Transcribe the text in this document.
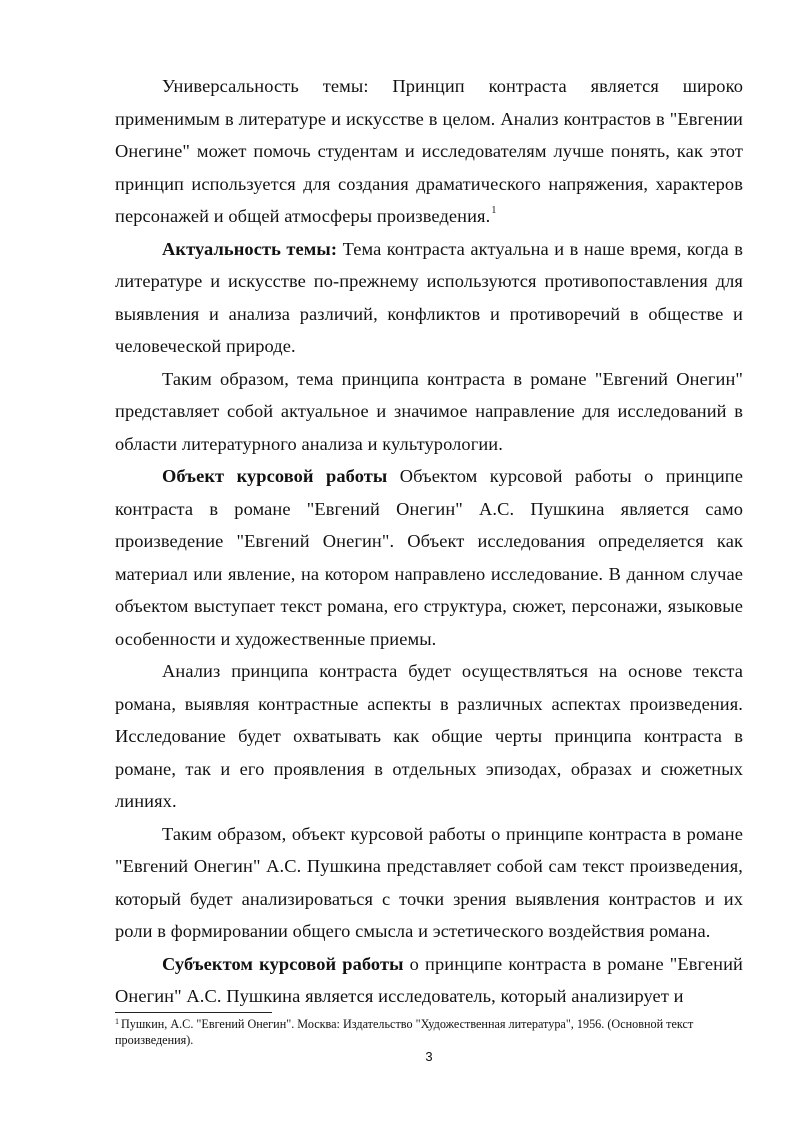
Универсальность темы: Принцип контраста является широко применимым в литературе и искусстве в целом. Анализ контрастов в "Евгении Онегине" может помочь студентам и исследователям лучше понять, как этот принцип используется для создания драматического напряжения, характеров персонажей и общей атмосферы произведения.$^1$

Актуальность темы: Тема контраста актуальна и в наше время, когда в литературе и искусстве по-прежнему используются противопоставления для выявления и анализа различий, конфликтов и противоречий в обществе и человеческой природе.

Таким образом, тема принципа контраста в романе "Евгений Онегин" представляет собой актуальное и значимое направление для исследований в области литературного анализа и культурологии.

Объект курсовой работы Объектом курсовой работы о принципе контраста в романе "Евгений Онегин" А.С. Пушкина является само произведение "Евгений Онегин". Объект исследования определяется как материал или явление, на котором направлено исследование. В данном случае объектом выступает текст романа, его структура, сюжет, персонажи, языковые особенности и художественные приемы.

Анализ принципа контраста будет осуществляться на основе текста романа, выявляя контрастные аспекты в различных аспектах произведения. Исследование будет охватывать как общие черты принципа контраста в романе, так и его проявления в отдельных эпизодах, образах и сюжетных линиях.

Таким образом, объект курсовой работы о принципе контраста в романе "Евгений Онегин" А.С. Пушкина представляет собой сам текст произведения, который будет анализироваться с точки зрения выявления контрастов и их роли в формировании общего смысла и эстетического воздействия романа.

Субъектом курсовой работы о принципе контраста в романе "Евгений Онегин" А.С. Пушкина является исследователь, который анализирует и

$^1$ Пушкин, А.С. "Евгений Онегин". Москва: Издательство "Художественная литература", 1956. (Основной текст произведения).
3
